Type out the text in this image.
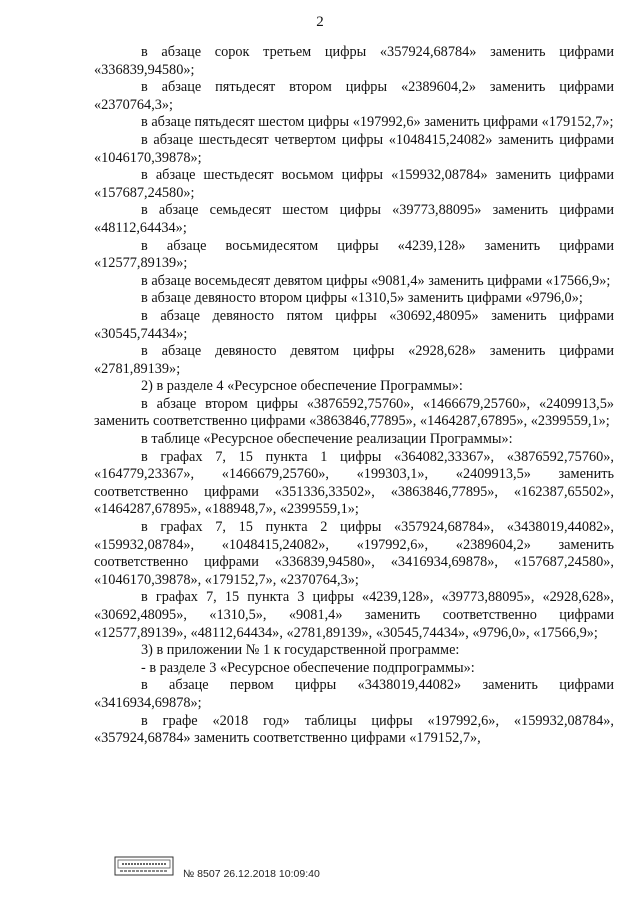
2

в абзаце сорок третьем цифры «357924,68784» заменить цифрами «336839,94580»;

в абзаце пятьдесят втором цифры «2389604,2» заменить цифрами «2370764,3»;

в абзаце пятьдесят шестом цифры «197992,6» заменить цифрами «179152,7»;

в абзаце шестьдесят четвертом цифры «1048415,24082» заменить цифрами «1046170,39878»;

в абзаце шестьдесят восьмом цифры «159932,08784» заменить цифрами «157687,24580»;

в абзаце семьдесят шестом цифры «39773,88095» заменить цифрами «48112,64434»;

в абзаце восьмидесятом цифры «4239,128» заменить цифрами «12577,89139»;

в абзаце восемьдесят девятом цифры «9081,4» заменить цифрами «17566,9»;

в абзаце девяносто втором цифры «1310,5» заменить цифрами «9796,0»;

в абзаце девяносто пятом цифры «30692,48095» заменить цифрами «30545,74434»;

в абзаце девяносто девятом цифры «2928,628» заменить цифрами «2781,89139»;

2) в разделе 4 «Ресурсное обеспечение Программы»:

в абзаце втором цифры «3876592,75760», «1466679,25760», «2409913,5» заменить соответственно цифрами «3863846,77895», «1464287,67895», «2399559,1»;

в таблице «Ресурсное обеспечение реализации Программы»:

в графах 7, 15 пункта 1 цифры «364082,33367», «3876592,75760», «164779,23367», «1466679,25760», «199303,1», «2409913,5» заменить соответственно цифрами «351336,33502», «3863846,77895», «162387,65502», «1464287,67895», «188948,7», «2399559,1»;

в графах 7, 15 пункта 2 цифры «357924,68784», «3438019,44082», «159932,08784», «1048415,24082», «197992,6», «2389604,2» заменить соответственно цифрами «336839,94580», «3416934,69878», «157687,24580», «1046170,39878», «179152,7», «2370764,3»;

в графах 7, 15 пункта 3 цифры «4239,128», «39773,88095», «2928,628», «30692,48095», «1310,5», «9081,4» заменить соответственно цифрами «12577,89139», «48112,64434», «2781,89139», «30545,74434», «9796,0», «17566,9»;

3) в приложении № 1 к государственной программе:

- в разделе 3 «Ресурсное обеспечение подпрограммы»:

в абзаце первом цифры «3438019,44082» заменить цифрами «3416934,69878»;

в графе «2018 год» таблицы цифры «197992,6», «159932,08784», «357924,68784» заменить соответственно цифрами «179152,7»,

№ 8507 26.12.2018 10:09:40
